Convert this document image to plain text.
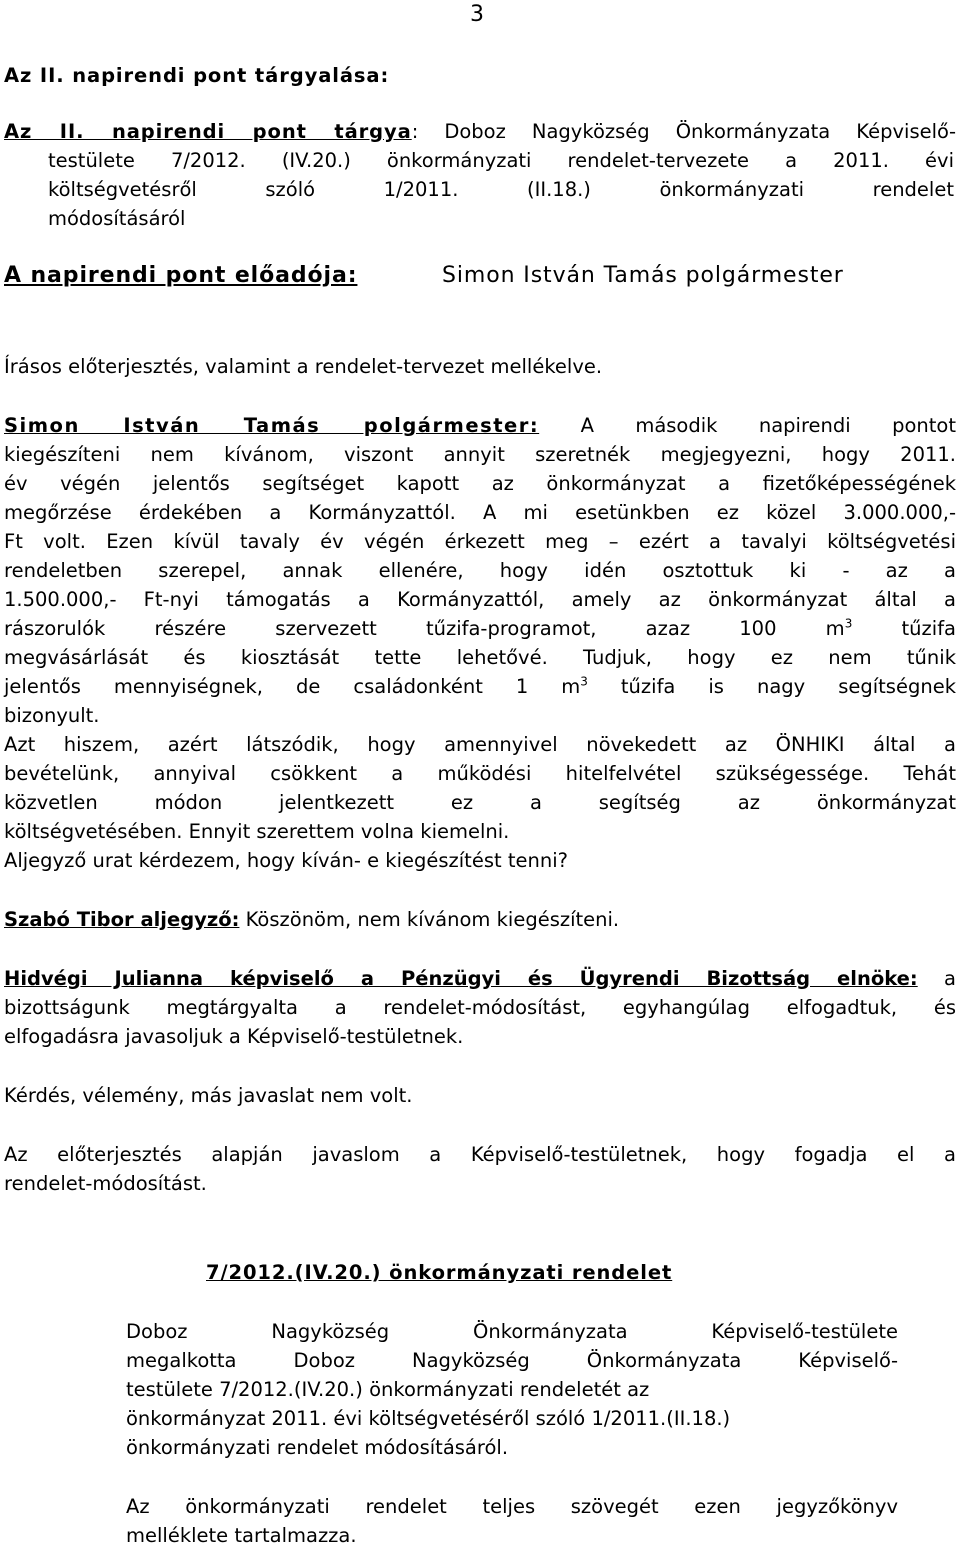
3
Az II. napirendi pont tárgyalása:
Az II. napirendi pont tárgya: Doboz Nagyközség Önkormányzata Képviselő-
testülete 7/2012. (IV.20.) önkormányzati rendelet-tervezete a 2011. évi
költségvetésről szóló 1/2011. (II.18.) önkormányzati rendelet
módosításáról
A napirendi pont előadója:	Simon István Tamás polgármester
Írásos előterjesztés, valamint a rendelet-tervezet mellékelve.
Simon István Tamás polgármester: A második napirendi pontot
kiegészíteni nem kívánom, viszont annyit szeretnék megjegyezni, hogy 2011.
év végén jelentős segítséget kapott az önkormányzat a fizetőképességének
megőrzése érdekében a Kormányzattól. A mi esetünkben ez közel 3.000.000,-
Ft volt. Ezen kívül tavaly év végén érkezett meg – ezért a tavalyi költségvetési
rendeletben szerepel, annak ellenére, hogy idén osztottuk ki - az a
1.500.000,- Ft-nyi támogatás a Kormányzattól, amely az önkormányzat által a
rászorulók részére szervezett tűzifa-programot, azaz 100 $m^3$ tűzifa
megvásárlását és kiosztását tette lehetővé. Tudjuk, hogy ez nem tűnik
jelentős mennyiségnek, de családonként 1 $m^3$ tűzifa is nagy segítségnek
bizonyult.
Azt hiszem, azért látszódik, hogy amennyivel növekedett az ÖNHIKI által a
bevételünk, annyival csökkent a működési hitelfelvétel szükségessége. Tehát
közvetlen módon jelentkezett ez a segítség az önkormányzat
költségvetésében. Ennyit szerettem volna kiemelni.
Aljegyző urat kérdezem, hogy kíván- e kiegészítést tenni?
Szabó Tibor aljegyző: Köszönöm, nem kívánom kiegészíteni.
Hidvégi Julianna képviselő a Pénzügyi és Ügyrendi Bizottság elnöke: a
bizottságunk megtárgyalta a rendelet-módosítást, egyhangúlag elfogadtuk, és
elfogadásra javasoljuk a Képviselő-testületnek.
Kérdés, vélemény, más javaslat nem volt.
Az előterjesztés alapján javaslom a Képviselő-testületnek, hogy fogadja el a
rendelet-módosítást.
7/2012.(IV.20.) önkormányzati rendelet
Doboz Nagyközség Önkormányzata Képviselő-testülete
megalkotta Doboz Nagyközség Önkormányzata Képviselő-
testülete 7/2012.(IV.20.) önkormányzati rendeletét az
önkormányzat 2011. évi költségvetéséről szóló 1/2011.(II.18.)
önkormányzati rendelet módosításáról.
Az önkormányzati rendelet teljes szövegét ezen jegyzőkönyv
melléklete tartalmazza.
